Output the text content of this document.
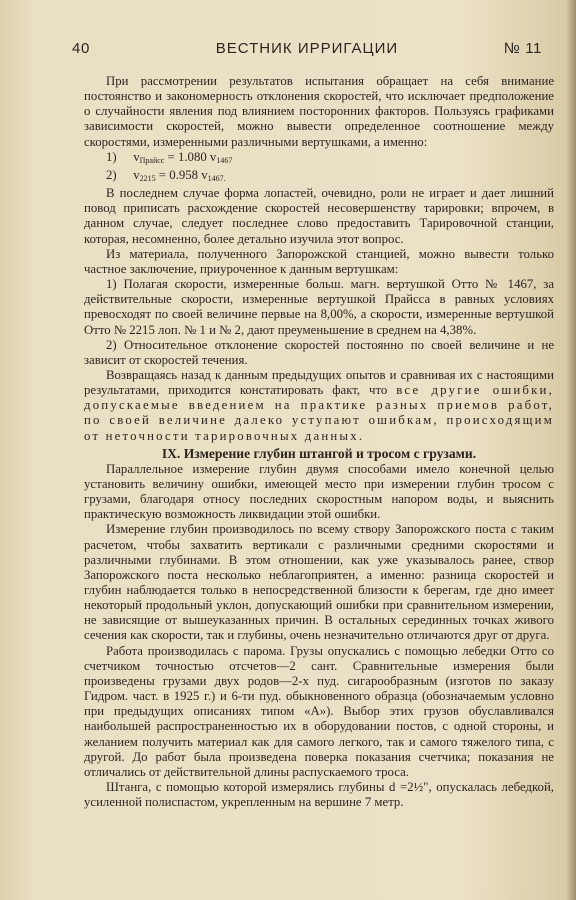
40	ВЕСТНИК ИРРИГАЦИИ	№ 11

При рассмотрении результатов испытания обращает на себя внимание постоянство и закономерность отклонения скоростей, что исключает предположение о случайности явления под влиянием посторонних факторов. Пользуясь графиками зависимости скоростей, можно вывести определенное соотношение между скоростями, измеренными различными вертушками, а именно:

1) $v_{Прайсс} = 1.080$ $v_{1467}$
2) $v_{2215} = 0.958$ $v_{1467.}$

В последнем случае форма лопастей, очевидно, роли не играет и дает лишний повод приписать расхождение скоростей несовершенству тарировки; впрочем, в данном случае, следует последнее слово предоставить Тарировочной станции, которая, несомненно, более детально изучила этот вопрос.

Из материала, полученного Запорожской станцией, можно вывести только частное заключение, приуроченное к данным вертушкам:

1) Полагая скорости, измеренные больш. магн. вертушкой Отто № 1467, за действительные скорости, измеренные вертушкой Прайсса в равных условиях превосходят по своей величине первые на 8,00%, а скорости, измеренные вертушкой Отто № 2215 лоп. № 1 и № 2, дают преуменьшение в среднем на 4,38%.

2) Относительное отклонение скоростей постоянно по своей величине и не зависит от скоростей течения.

Возвращаясь назад к данным предыдущих опытов и сравнивая их с настоящими результатами, приходится констатировать факт, что все другие ошибки, допускаемые введением на практике разных приемов работ, по своей величине далеко уступают ошибкам, происходящим от неточности тарировочных данных.

IX. Измерение глубин штангой и тросом с грузами.

Параллельное измерение глубин двумя способами имело конечной целью установить величину ошибки, имеющей место при измерении глубин тросом с грузами, благодаря относу последних скоростным напором воды, и выяснить практическую возможность ликвидации этой ошибки.

Измерение глубин производилось по всему створу Запорожского поста с таким расчетом, чтобы захватить вертикали с различными средними скоростями и различными глубинами. В этом отношении, как уже указывалось ранее, створ Запорожского поста несколько неблагоприятен, а именно: разница скоростей и глубин наблюдается только в непосредственной близости к берегам, где дно имеет некоторый продольный уклон, допускающий ошибки при сравнительном измерении, не зависящие от вышеуказанных причин. В остальных серединных точках живого сечения как скорости, так и глубины, очень незначительно отличаются друг от друга.

Работа производилась с парома. Грузы опускались с помощью лебедки Отто со счетчиком точностью отсчетов—2 сант. Сравнительные измерения были произведены грузами двух родов—2-х пуд. сигарообразным (изготов по заказу Гидром. част. в 1925 г.) и 6-ти пуд. обыкновенного образца (обозначаемым условно при предыдущих описаниях типом «А»). Выбор этих грузов обуславливался наибольшей распространенностью их в оборудовании постов, с одной стороны, и желанием получить материал как для самого легкого, так и самого тяжелого типа, с другой. До работ была произведена поверка показания счетчика; показания не отличались от действительной длины распускаемого троса.

Штанга, с помощью которой измерялись глубины d =2½", опускалась лебедкой, усиленной полиспастом, укрепленным на вершине 7 метр.
